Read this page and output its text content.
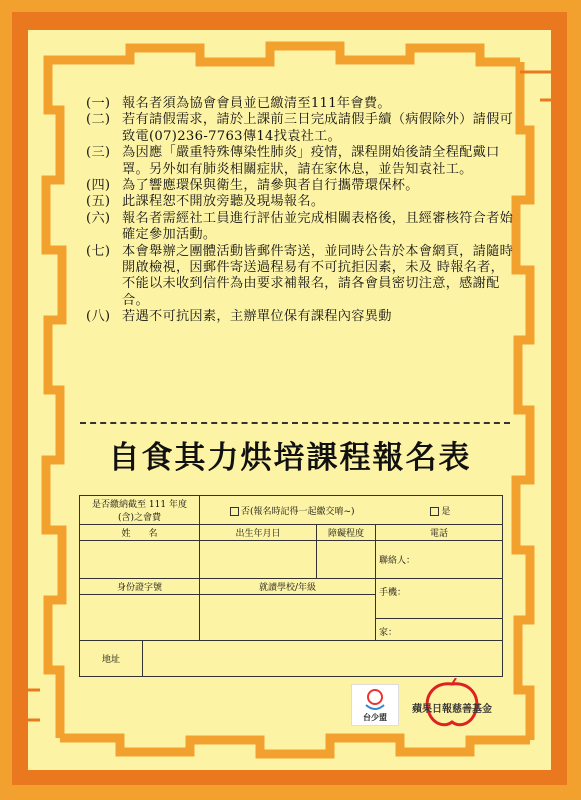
(一) 報名者須為協會會員並已繳清至111年會費。
(二) 若有請假需求，請於上課前三日完成請假手續（病假除外）請假可致電(07)236-7763傳14找袁社工。
(三) 為因應「嚴重特殊傳染性肺炎」疫情，課程開始後請全程配戴口罩。另外如有肺炎相關症狀，請在家休息，並告知袁社工。
(四) 為了響應環保與衛生，請參與者自行攜帶環保杯。
(五) 此課程恕不開放旁聽及現場報名。
(六) 報名者需經社工員進行評估並完成相關表格後，且經審核符合者始確定參加活動。
(七) 本會舉辦之團體活動皆郵件寄送，並同時公告於本會網頁，請隨時開啟檢視，因郵件寄送過程易有不可抗拒因素，未及 時報名者，不能以未收到信件為由要求補報名，請各會員密切注意，感謝配合。
(八) 若遇不可抗因素，主辦單位保有課程內容異動
自食其力烘培課程報名表
是否繳納截至 111 年度
(含)之會費		否(報名時記得一起繳交唷~) 是		
姓　　名		出生年月日	障礙程度	電話
				聯絡人：
身份證字號		就讀學校/年級		手機：
家：

地址				
台少盟
蘋果日報慈善基金
